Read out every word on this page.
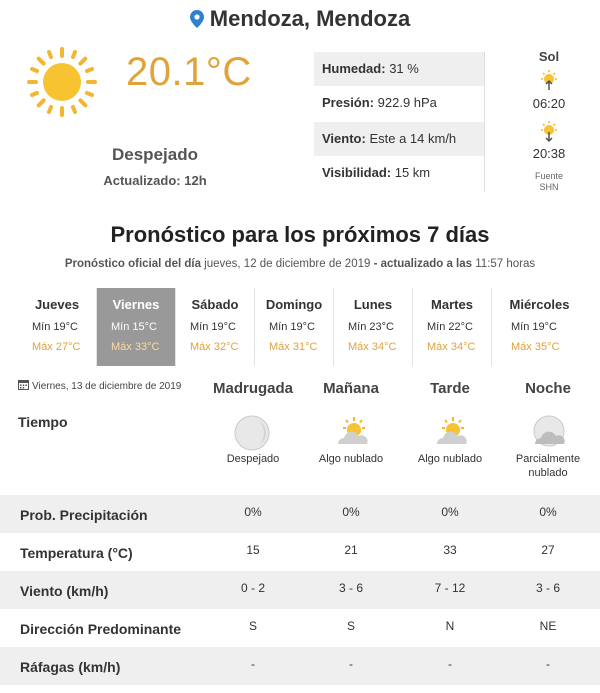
Mendoza, Mendoza
20.1°C
Despejado
Actualizado: 12h
Humedad: 31 %
Presión: 922.9 hPa
Viento: Este a 14 km/h
Visibilidad: 15 km
Sol
06:20
20:38
Fuente
SHN
Pronóstico para los próximos 7 días
Pronóstico oficial del día jueves, 12 de diciembre de 2019 - actualizado a las 11:57 horas
Jueves
Mín 19°C
Máx 27°C
Viernes
Mín 15°C
Máx 33°C
Sábado
Mín 19°C
Máx 32°C
Domingo
Mín 19°C
Máx 31°C
Lunes
Mín 23°C
Máx 34°C
Martes
Mín 22°C
Máx 34°C
Miércoles
Mín 19°C
Máx 35°C
Viernes, 13 de diciembre de 2019	Madrugada	Mañana	Tarde	Noche
Tiempo
Despejado	Algo nublado	Algo nublado	Parcialmente
nublado
Prob. Precipitación	0%	0%	0%	0%
Temperatura (°C)	15	21	33	27
Viento (km/h)	0 - 2	3 - 6	7 - 12	3 - 6
Dirección Predominante	S	S	N	NE
Ráfagas (km/h)	-	-	-	-
